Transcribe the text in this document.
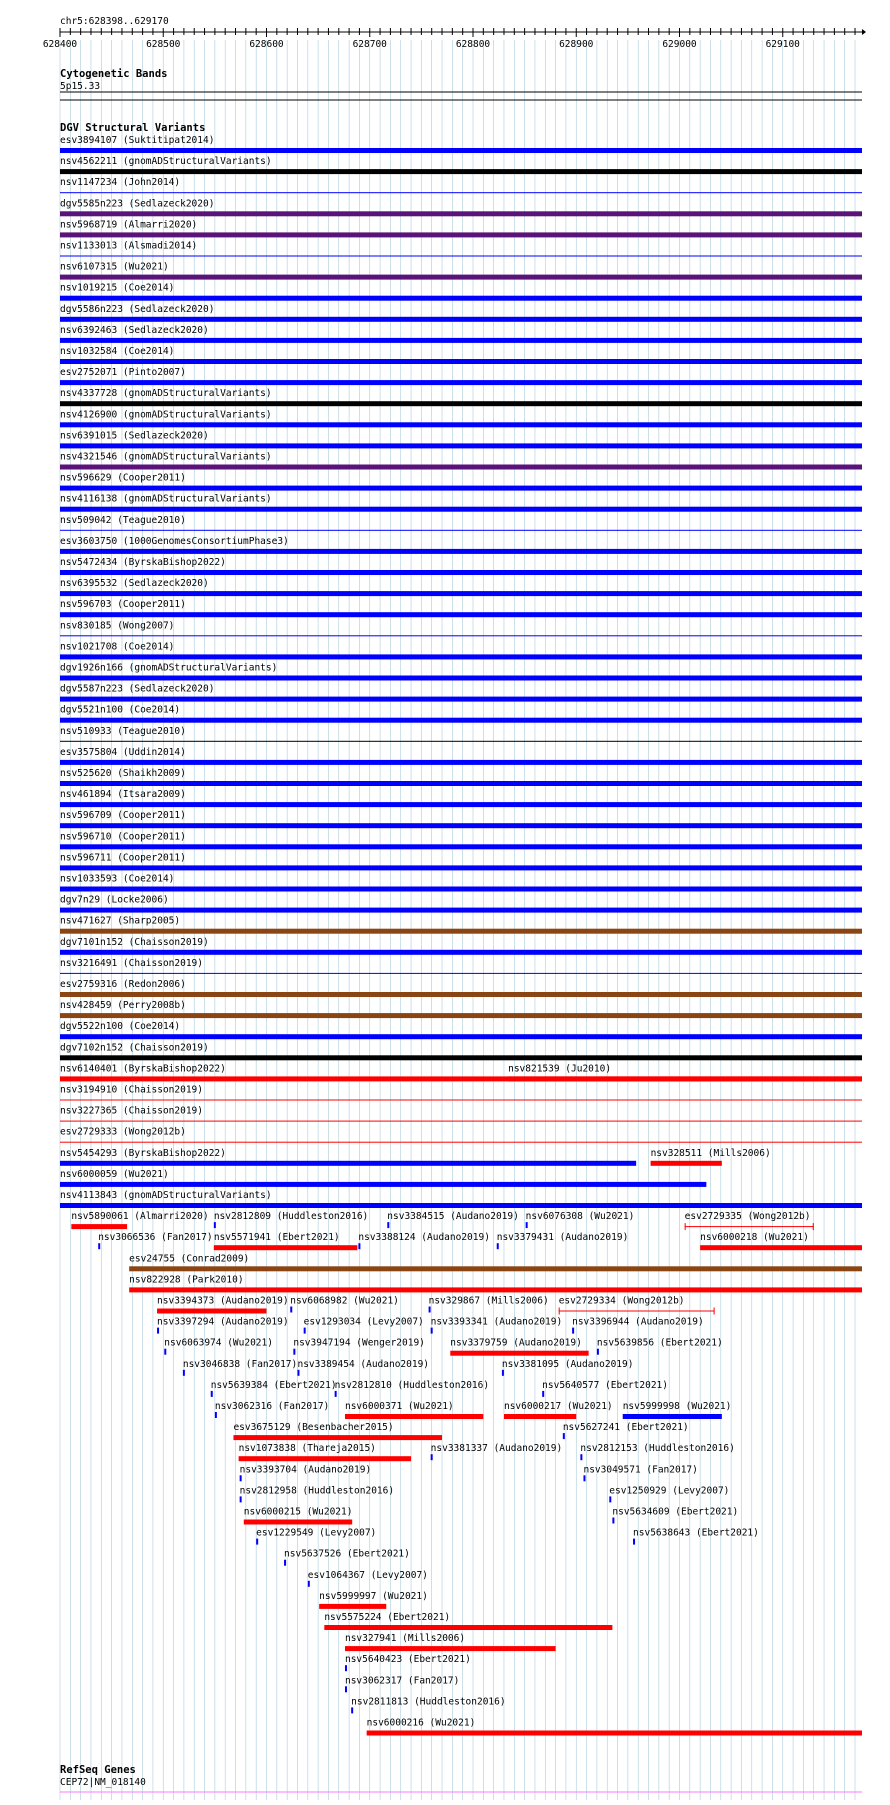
chr5:628398..629170
628400	628500	628600	628700	628800	628900	629000	629100
Cytogenetic Bands
5p15.33
DGV Structural Variants
esv3894107 (Suktitipat2014)
nsv4562211 (gnomADStructuralVariants)
nsv1147234 (John2014)
dgv5585n223 (Sedlazeck2020)
nsv5968719 (Almarri2020)
nsv1133013 (Alsmadi2014)
nsv6107315 (Wu2021)
nsv1019215 (Coe2014)
dgv5586n223 (Sedlazeck2020)
nsv6392463 (Sedlazeck2020)
nsv1032584 (Coe2014)
esv2752071 (Pinto2007)
nsv4337728 (gnomADStructuralVariants)
nsv4126900 (gnomADStructuralVariants)
nsv6391015 (Sedlazeck2020)
nsv4321546 (gnomADStructuralVariants)
nsv596629 (Cooper2011)
nsv4116138 (gnomADStructuralVariants)
nsv509042 (Teague2010)
esv3603750 (1000GenomesConsortiumPhase3)
nsv5472434 (ByrskaBishop2022)
nsv6395532 (Sedlazeck2020)
nsv596703 (Cooper2011)
nsv830185 (Wong2007)
nsv1021708 (Coe2014)
dgv1926n166 (gnomADStructuralVariants)
dgv5587n223 (Sedlazeck2020)
dgv5521n100 (Coe2014)
nsv510933 (Teague2010)
esv3575804 (Uddin2014)
nsv525620 (Shaikh2009)
nsv461894 (Itsara2009)
nsv596709 (Cooper2011)
nsv596710 (Cooper2011)
nsv596711 (Cooper2011)
nsv1033593 (Coe2014)
dgv7n29 (Locke2006)
nsv471627 (Sharp2005)
dgv7101n152 (Chaisson2019)
nsv3216491 (Chaisson2019)
esv2759316 (Redon2006)
nsv428459 (Perry2008b)
dgv5522n100 (Coe2014)
dgv7102n152 (Chaisson2019)
nsv6140401 (ByrskaBishop2022)	nsv821539 (Ju2010)
nsv3194910 (Chaisson2019)
nsv3227365 (Chaisson2019)
esv2729333 (Wong2012b)
nsv5454293 (ByrskaBishop2022)	nsv328511 (Mills2006)
nsv6000059 (Wu2021)
nsv4113843 (gnomADStructuralVariants)
nsv5890061 (Almarri2020) nsv2812809 (Huddleston2016) nsv3384515 (Audano2019) nsv6076308 (Wu2021)	esv2729335 (Wong2012b)
nsv3066536 (Fan2017) nsv5571941 (Ebert2021) nsv3388124 (Audano2019) nsv3379431 (Audano2019)	nsv6000218 (Wu2021)
esv24755 (Conrad2009)
nsv822928 (Park2010)
nsv3394373 (Audano2019) nsv6068982 (Wu2021)	nsv329867 (Mills2006) esv2729334 (Wong2012b)
nsv3397294 (Audano2019) esv1293034 (Levy2007) nsv3393341 (Audano2019) nsv3396944 (Audano2019)
nsv6063974 (Wu2021) nsv3947194 (Wenger2019)	nsv3379759 (Audano2019) nsv5639856 (Ebert2021)
nsv3046838 (Fan2017) nsv3389454 (Audano2019)	nsv3381095 (Audano2019)
nsv5639384 (Ebert2021)
nsv2812810 (Huddleston2016)	nsv5640577 (Ebert2021)
nsv3062316 (Fan2017) nsv6000371 (Wu2021)	nsv6000217 (Wu2021) nsv5999998 (Wu2021)
esv3675129 (Besenbacher2015)	nsv5627241 (Ebert2021)
nsv1073838 (Thareja2015)	nsv3381337 (Audano2019) nsv2812153 (Huddleston2016)
nsv3393704 (Audano2019)	nsv3049571 (Fan2017)
nsv2812958 (Huddleston2016)	esv1250929 (Levy2007)
nsv6000215 (Wu2021)	nsv5634609 (Ebert2021)
esv1229549 (Levy2007)	nsv5638643 (Ebert2021)
nsv5637526 (Ebert2021)
esv1064367 (Levy2007)
nsv5999997 (Wu2021)
nsv5575224 (Ebert2021)
nsv327941 (Mills2006)
nsv5640423 (Ebert2021)
nsv3062317 (Fan2017)
nsv2811813 (Huddleston2016)
nsv6000216 (Wu2021)
RefSeq Genes
CEP72|NM_018140
